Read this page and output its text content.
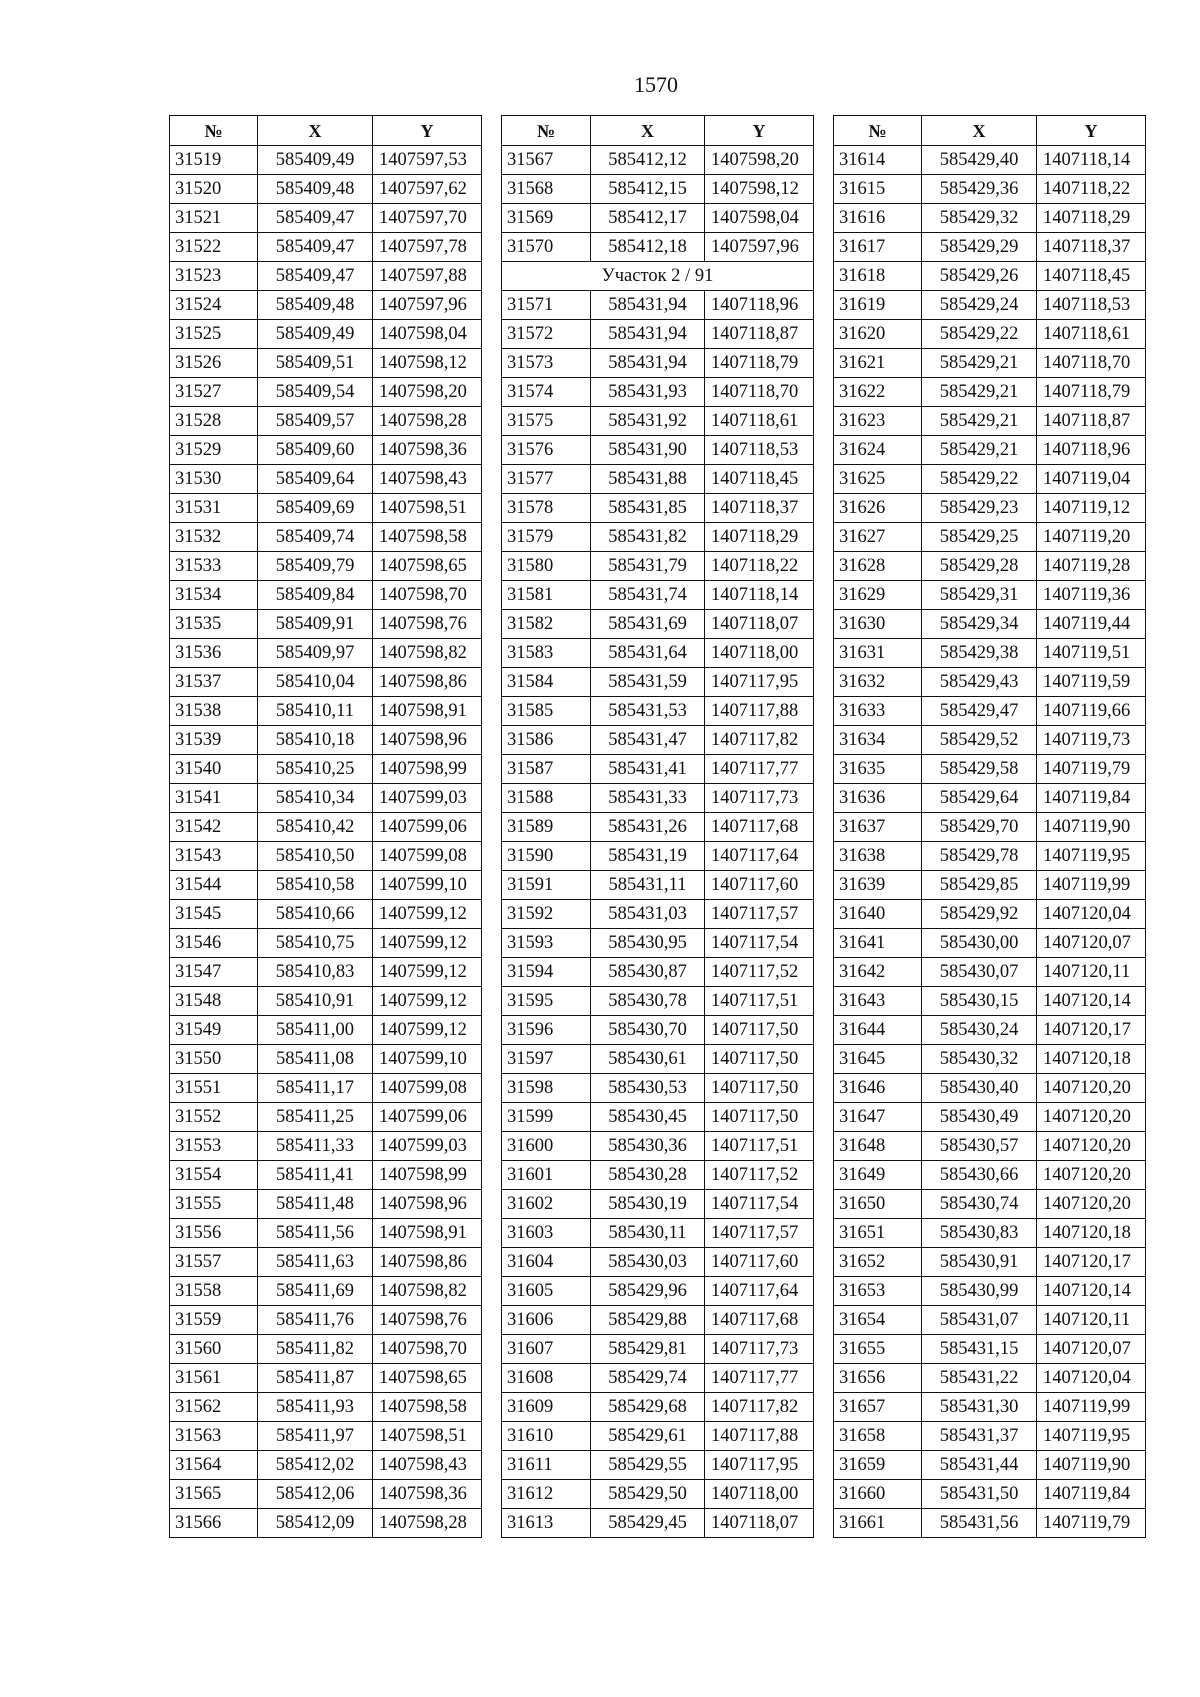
1570
№	X	Y
31519	585409,49	1407597,53
31520	585409,48	1407597,62
31521	585409,47	1407597,70
31522	585409,47	1407597,78
31523	585409,47	1407597,88
31524	585409,48	1407597,96
31525	585409,49	1407598,04
31526	585409,51	1407598,12
31527	585409,54	1407598,20
31528	585409,57	1407598,28
31529	585409,60	1407598,36
31530	585409,64	1407598,43
31531	585409,69	1407598,51
31532	585409,74	1407598,58
31533	585409,79	1407598,65
31534	585409,84	1407598,70
31535	585409,91	1407598,76
31536	585409,97	1407598,82
31537	585410,04	1407598,86
31538	585410,11	1407598,91
31539	585410,18	1407598,96
31540	585410,25	1407598,99
31541	585410,34	1407599,03
31542	585410,42	1407599,06
31543	585410,50	1407599,08
31544	585410,58	1407599,10
31545	585410,66	1407599,12
31546	585410,75	1407599,12
31547	585410,83	1407599,12
31548	585410,91	1407599,12
31549	585411,00	1407599,12
31550	585411,08	1407599,10
31551	585411,17	1407599,08
31552	585411,25	1407599,06
31553	585411,33	1407599,03
31554	585411,41	1407598,99
31555	585411,48	1407598,96
31556	585411,56	1407598,91
31557	585411,63	1407598,86
31558	585411,69	1407598,82
31559	585411,76	1407598,76
31560	585411,82	1407598,70
31561	585411,87	1407598,65
31562	585411,93	1407598,58
31563	585411,97	1407598,51
31564	585412,02	1407598,43
31565	585412,06	1407598,36
31566	585412,09	1407598,28
№	X	Y
31567	585412,12	1407598,20
31568	585412,15	1407598,12
31569	585412,17	1407598,04
31570	585412,18	1407597,96
Участок 2 / 91		
31571	585431,94	1407118,96
31572	585431,94	1407118,87
31573	585431,94	1407118,79
31574	585431,93	1407118,70
31575	585431,92	1407118,61
31576	585431,90	1407118,53
31577	585431,88	1407118,45
31578	585431,85	1407118,37
31579	585431,82	1407118,29
31580	585431,79	1407118,22
31581	585431,74	1407118,14
31582	585431,69	1407118,07
31583	585431,64	1407118,00
31584	585431,59	1407117,95
31585	585431,53	1407117,88
31586	585431,47	1407117,82
31587	585431,41	1407117,77
31588	585431,33	1407117,73
31589	585431,26	1407117,68
31590	585431,19	1407117,64
31591	585431,11	1407117,60
31592	585431,03	1407117,57
31593	585430,95	1407117,54
31594	585430,87	1407117,52
31595	585430,78	1407117,51
31596	585430,70	1407117,50
31597	585430,61	1407117,50
31598	585430,53	1407117,50
31599	585430,45	1407117,50
31600	585430,36	1407117,51
31601	585430,28	1407117,52
31602	585430,19	1407117,54
31603	585430,11	1407117,57
31604	585430,03	1407117,60
31605	585429,96	1407117,64
31606	585429,88	1407117,68
31607	585429,81	1407117,73
31608	585429,74	1407117,77
31609	585429,68	1407117,82
31610	585429,61	1407117,88
31611	585429,55	1407117,95
31612	585429,50	1407118,00
31613	585429,45	1407118,07
№	X	Y
31614	585429,40	1407118,14
31615	585429,36	1407118,22
31616	585429,32	1407118,29
31617	585429,29	1407118,37
31618	585429,26	1407118,45
31619	585429,24	1407118,53
31620	585429,22	1407118,61
31621	585429,21	1407118,70
31622	585429,21	1407118,79
31623	585429,21	1407118,87
31624	585429,21	1407118,96
31625	585429,22	1407119,04
31626	585429,23	1407119,12
31627	585429,25	1407119,20
31628	585429,28	1407119,28
31629	585429,31	1407119,36
31630	585429,34	1407119,44
31631	585429,38	1407119,51
31632	585429,43	1407119,59
31633	585429,47	1407119,66
31634	585429,52	1407119,73
31635	585429,58	1407119,79
31636	585429,64	1407119,84
31637	585429,70	1407119,90
31638	585429,78	1407119,95
31639	585429,85	1407119,99
31640	585429,92	1407120,04
31641	585430,00	1407120,07
31642	585430,07	1407120,11
31643	585430,15	1407120,14
31644	585430,24	1407120,17
31645	585430,32	1407120,18
31646	585430,40	1407120,20
31647	585430,49	1407120,20
31648	585430,57	1407120,20
31649	585430,66	1407120,20
31650	585430,74	1407120,20
31651	585430,83	1407120,18
31652	585430,91	1407120,17
31653	585430,99	1407120,14
31654	585431,07	1407120,11
31655	585431,15	1407120,07
31656	585431,22	1407120,04
31657	585431,30	1407119,99
31658	585431,37	1407119,95
31659	585431,44	1407119,90
31660	585431,50	1407119,84
31661	585431,56	1407119,79
